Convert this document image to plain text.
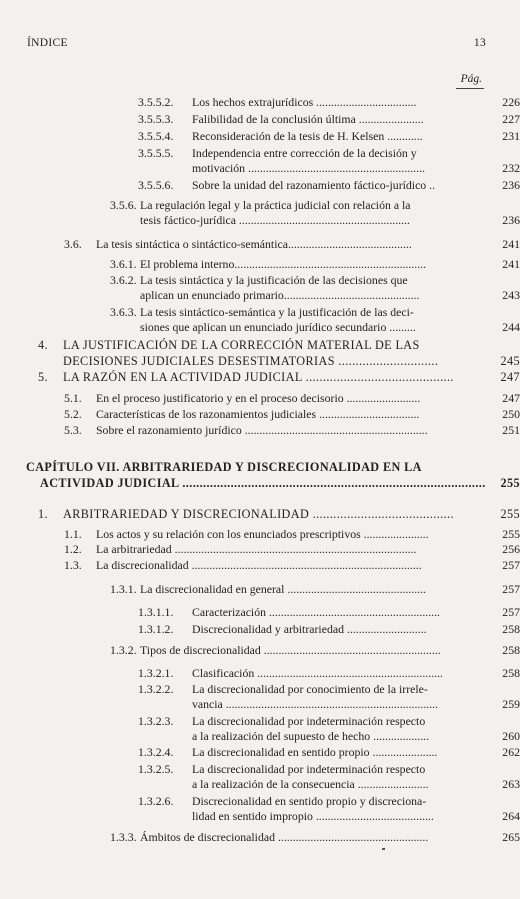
ÍNDICE	13
Pág.
3.5.5.2. Los hechos extrajurídicos ..................................	226
3.5.5.3. Falibilidad de la conclusión última ......................	227
3.5.5.4. Reconsideración de la tesis de H. Kelsen ............	231
3.5.5.5. Independencia entre corrección de la decisión y
motivación ............................................................	232
3.5.5.6. Sobre la unidad del razonamiento fáctico-jurídico ..	236
3.5.6. La regulación legal y la práctica judicial con relación a la
tesis fáctico-jurídica ..........................................................	236
3.6. La tesis sintáctica o sintáctico-semántica..........................................	241
3.6.1. El problema interno.................................................................	241
3.6.2. La tesis sintáctica y la justificación de las decisiones que
aplican un enunciado primario..............................................	243
3.6.3. La tesis sintáctico-semántica y la justificación de las deci-
siones que aplican un enunciado jurídico secundario .........	244
4. LA JUSTIFICACIÓN DE LA CORRECCIÓN MATERIAL DE LAS
DECISIONES JUDICIALES DESESTIMATORIAS .............................	245
5. LA RAZÓN EN LA ACTIVIDAD JUDICIAL ...........................................	247
5.1. En el proceso justificatorio y en el proceso decisorio .........................	247
5.2. Características de los razonamientos judiciales ..................................	250
5.3. Sobre el razonamiento jurídico ..............................................................	251
CAPÍTULO VII. ARBITRARIEDAD Y DISCRECIONALIDAD EN LA
ACTIVIDAD JUDICIAL ........................................................................................	255
1. ARBITRARIEDAD Y DISCRECIONALIDAD .........................................	255
1.1. Los actos y su relación con los enunciados prescriptivos ......................	255
1.2. La arbitrariedad ..................................................................................	256
1.3. La discrecionalidad ..............................................................................	257
1.3.1. La discrecionalidad en general ...............................................	257
1.3.1.1. Caracterización ..........................................................	257
1.3.1.2. Discrecionalidad y arbitrariedad ...........................	258
1.3.2. Tipos de discrecionalidad ............................................................	258
1.3.2.1. Clasificación ...............................................................	258
1.3.2.2. La discrecionalidad por conocimiento de la irrele-
vancia ........................................................................	259
1.3.2.3. La discrecionalidad por indeterminación respecto
a la realización del supuesto de hecho ...................	260
1.3.2.4. La discrecionalidad en sentido propio ......................	262
1.3.2.5. La discrecionalidad por indeterminación respecto
a la realización de la consecuencia ........................	263
1.3.2.6. Discrecionalidad en sentido propio y discreciona-
lidad en sentido impropio ........................................	264
1.3.3. Ámbitos de discrecionalidad ...................................................	265
